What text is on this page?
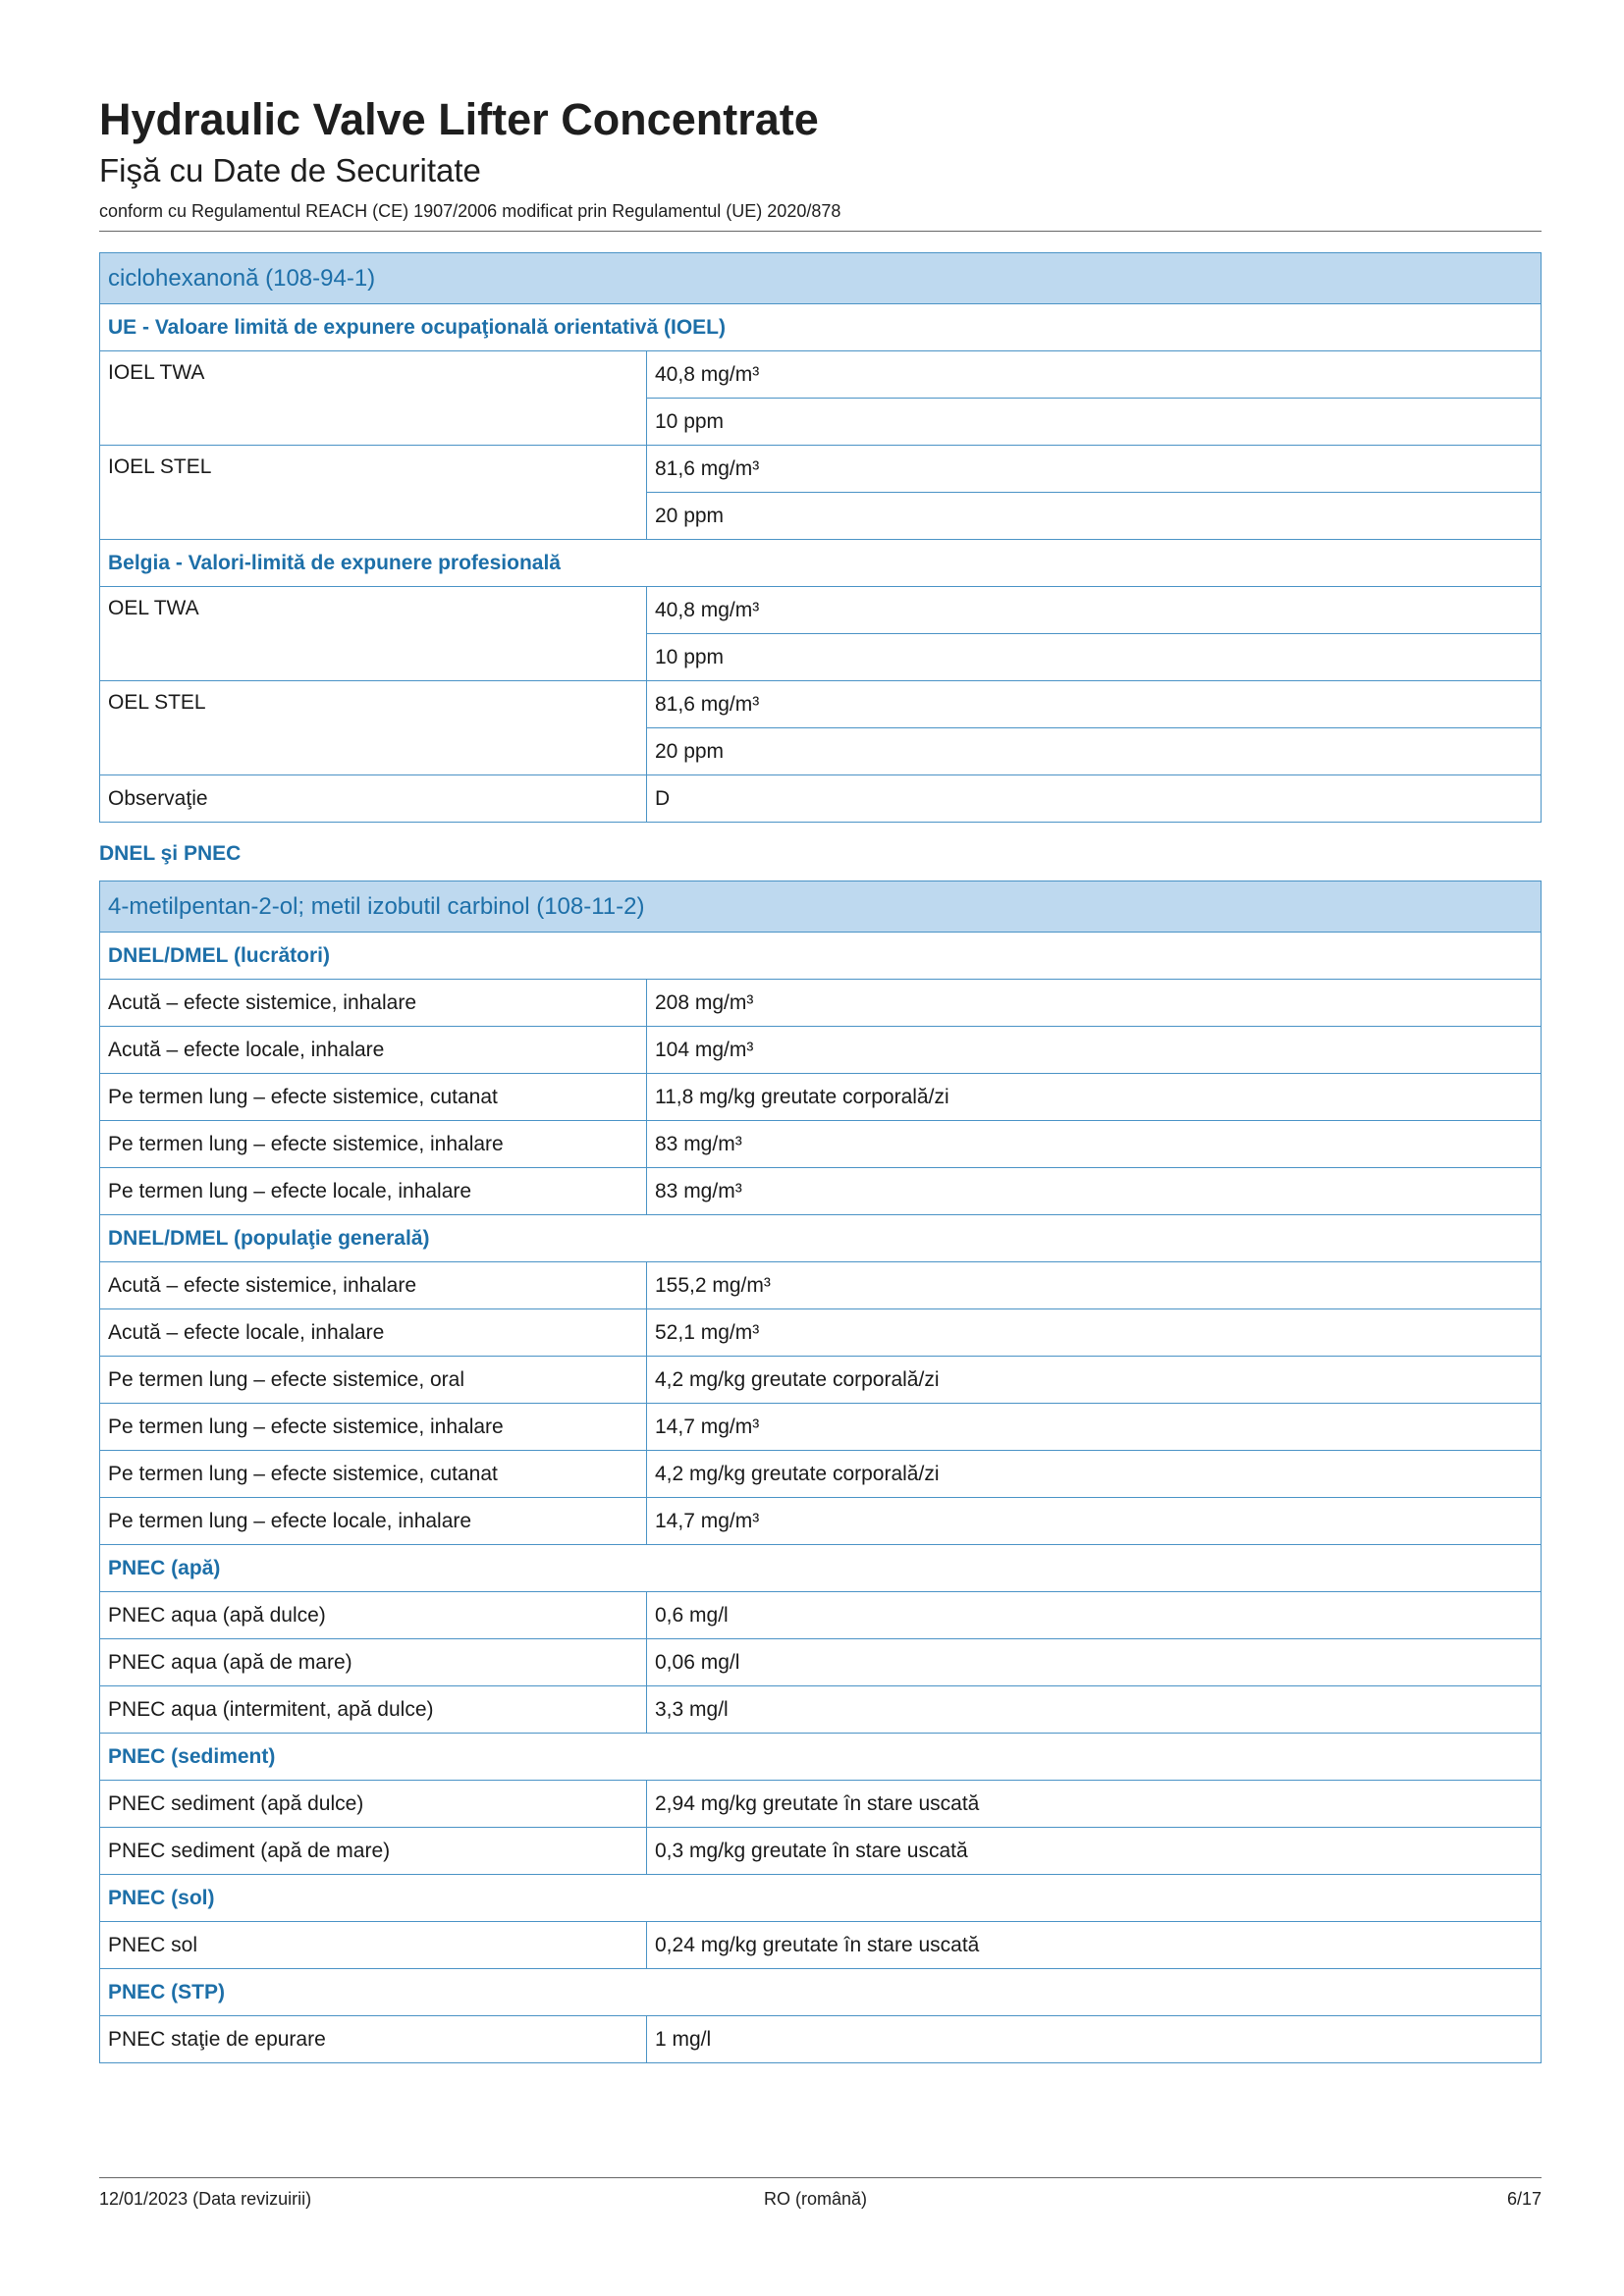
Hydraulic Valve Lifter Concentrate
Fişă cu Date de Securitate
conform cu Regulamentul REACH (CE) 1907/2006 modificat prin Regulamentul (UE) 2020/878
ciclohexanonă (108-94-1)	
UE - Valoare limită de expunere ocupaţională orientativă (IOEL)	
IOEL TWA	40,8 mg/m³
	10 ppm
IOEL STEL	81,6 mg/m³
	20 ppm
Belgia - Valori-limită de expunere profesională	
OEL TWA	40,8 mg/m³
	10 ppm
OEL STEL	81,6 mg/m³
	20 ppm
Observaţie	D
DNEL şi PNEC
4-metilpentan-2-ol; metil izobutil carbinol (108-11-2)	
DNEL/DMEL (lucrători)	
Acută – efecte sistemice, inhalare	208 mg/m³
Acută – efecte locale, inhalare	104 mg/m³
Pe termen lung – efecte sistemice, cutanat	11,8 mg/kg greutate corporală/zi
Pe termen lung – efecte sistemice, inhalare	83 mg/m³
Pe termen lung – efecte locale, inhalare	83 mg/m³
DNEL/DMEL (populaţie generală)	
Acută – efecte sistemice, inhalare	155,2 mg/m³
Acută – efecte locale, inhalare	52,1 mg/m³
Pe termen lung – efecte sistemice, oral	4,2 mg/kg greutate corporală/zi
Pe termen lung – efecte sistemice, inhalare	14,7 mg/m³
Pe termen lung – efecte sistemice, cutanat	4,2 mg/kg greutate corporală/zi
Pe termen lung – efecte locale, inhalare	14,7 mg/m³
PNEC (apă)	
PNEC aqua (apă dulce)	0,6 mg/l
PNEC aqua (apă de mare)	0,06 mg/l
PNEC aqua (intermitent, apă dulce)	3,3 mg/l
PNEC (sediment)	
PNEC sediment (apă dulce)	2,94 mg/kg greutate în stare uscată
PNEC sediment (apă de mare)	0,3 mg/kg greutate în stare uscată
PNEC (sol)	
PNEC sol	0,24 mg/kg greutate în stare uscată
PNEC (STP)	
PNEC staţie de epurare	1 mg/l
12/01/2023 (Data revizuirii)	RO (română)	6/17
